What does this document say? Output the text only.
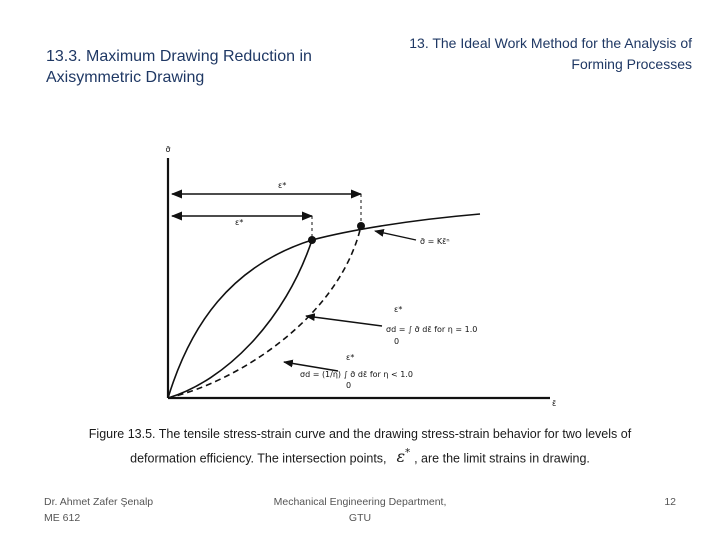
13.3. Maximum Drawing Reduction in Axisymmetric Drawing
13. The Ideal Work Method for the Analysis of Forming Processes
σ̄
ε̄
ε*
ε*
σ̄ = Kε̄ⁿ
ε*
σd = ∫ σ̄ dε̄ for η = 1.0
0
ε*
σd = (1/η) ∫ σ̄ dε̄ for η < 1.0
0
Figure 13.5. The tensile stress-strain curve and the drawing stress-strain behavior for two levels of
deformation efficiency. The intersection points, ε* , are the limit strains in drawing.
Dr. Ahmet Zafer Şenalp
ME 612
Mechanical Engineering Department,
GTU
12
